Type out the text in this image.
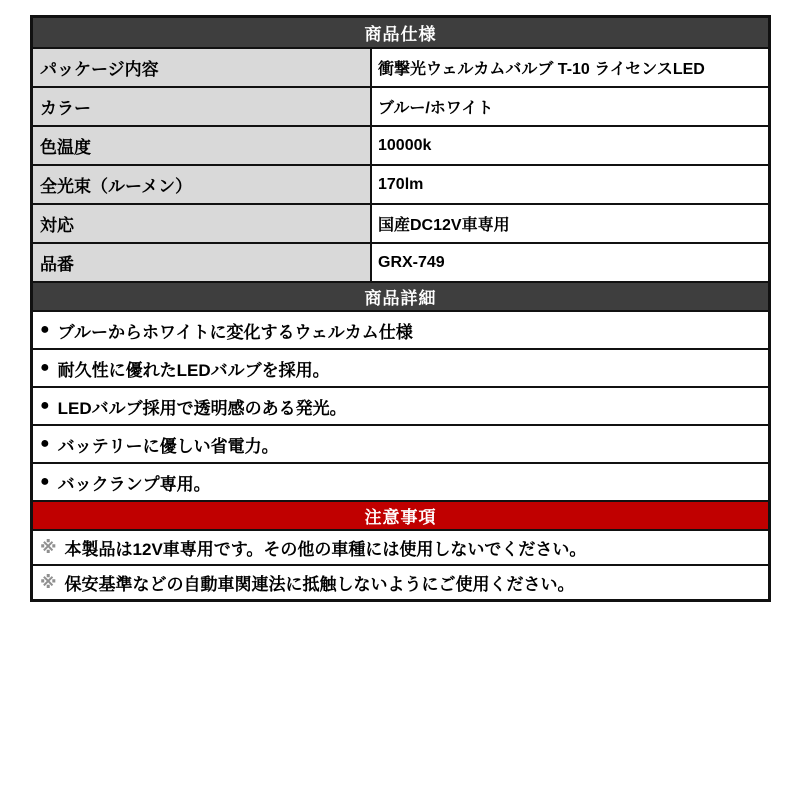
商品仕様
パッケージ内容	衝撃光ウェルカムバルブ T-10 ライセンスLED
カラー	ブルー/ホワイト
色温度	10000k
全光束（ルーメン）	170lm
対応	国産DC12V車専用
品番	GRX-749
商品詳細
● ブルーからホワイトに変化するウェルカム仕様
● 耐久性に優れたLEDバルブを採用。
● LEDバルブ採用で透明感のある発光。
● バッテリーに優しい省電力。
● バックランプ専用。
注意事項
※ 本製品は12V車専用です。その他の車種には使用しないでください。
※ 保安基準などの自動車関連法に抵触しないようにご使用ください。
